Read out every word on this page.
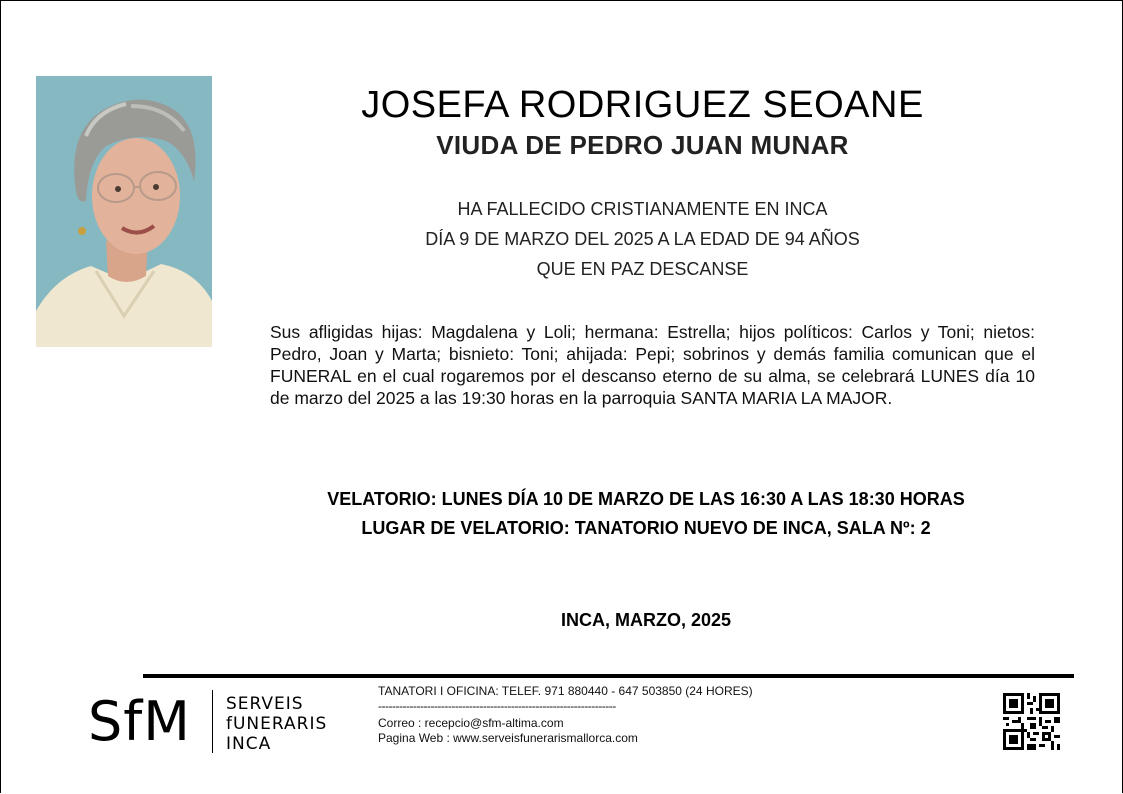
JOSEFA RODRIGUEZ SEOANE
VIUDA DE PEDRO JUAN MUNAR
HA FALLECIDO CRISTIANAMENTE EN INCA
DÍA 9 DE MARZO DEL 2025 A LA EDAD DE 94 AÑOS
QUE EN PAZ DESCANSE
Sus afligidas hijas: Magdalena y Loli; hermana: Estrella; hijos políticos: Carlos y Toni; nietos: Pedro, Joan y Marta; bisnieto: Toni; ahijada: Pepi; sobrinos y demás familia comunican que el FUNERAL en el cual rogaremos por el descanso eterno de su alma, se celebrará LUNES día 10 de marzo del 2025 a las 19:30 horas en la parroquia SANTA MARIA LA MAJOR.
VELATORIO: LUNES DÍA 10 DE MARZO DE LAS 16:30 A LAS 18:30 HORAS
LUGAR DE VELATORIO: TANATORIO NUEVO DE INCA, SALA Nº: 2
INCA, MARZO, 2025
SfM SERVEIS
fUNERARIS
INCA
TANATORI I OFICINA: TELEF. 971 880440 - 647 503850 (24 HORES)
--------------------------------------------------------------------
Correo : recepcio@sfm-altima.com
Pagina Web : www.serveisfunerarismallorca.com
